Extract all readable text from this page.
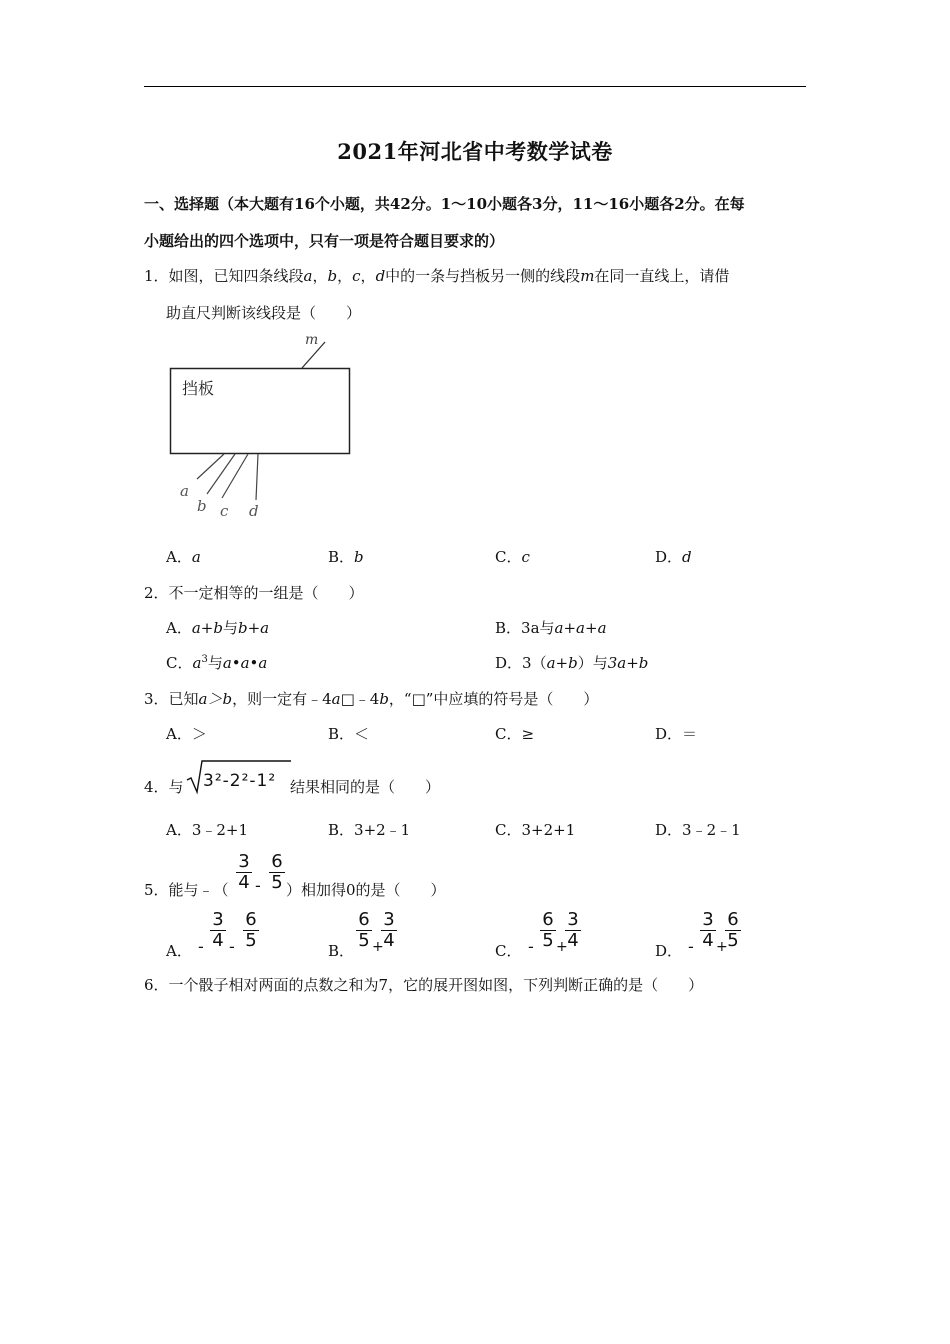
2021年河北省中考数学试卷
一、选择题（本大题有16个小题，共42分。1～10小题各3分，11～16小题各2分。在每
小题给出的四个选项中，只有一项是符合题目要求的）
1．如图，已知四条线段a，b，c，d中的一条与挡板另一侧的线段m在同一直线上，请借
助直尺判断该线段是（　　）
挡板
m
a
b c d
A．a	B．b	C．c	D．d
2．不一定相等的一组是（　　）
A．a+b与b+a	B．3a与a+a+a
C．$a^3$与a•a•a	D．3（a+b）与3a+b
3．已知a＞b，则一定有﹣4a□﹣4b，“□”中应填的符号是（　　）
A．＞	B．＜	C．≥	D．＝
4．与 3²-2²-1² 结果相同的是（　　）
A．3﹣2+1	B．3+2﹣1	C．3+2+1	D．3﹣2﹣1
5．能与﹣（
3
4 -
6
5 ）相加得0的是（　　）
A． -
3
4 -
6
5	B．
6
5 +
3
4	C． -
6
5 +
3
4	D． -
3
4 +
6
5
6．一个骰子相对两面的点数之和为7，它的展开图如图，下列判断正确的是（　　）
